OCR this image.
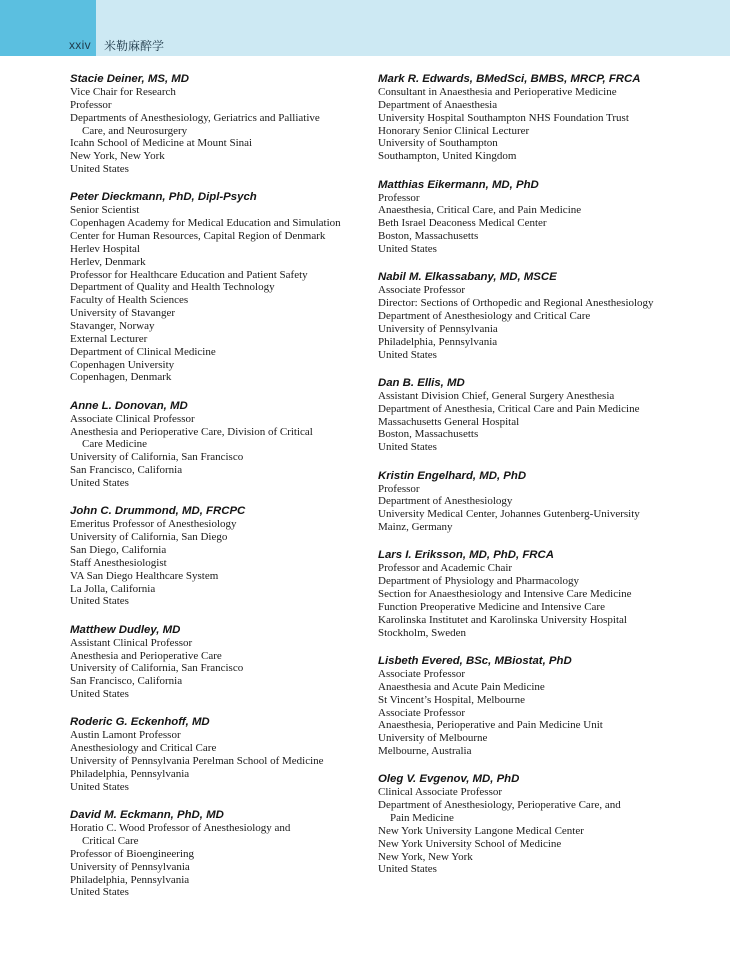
xxiv 米勒麻醉学
Stacie Deiner, MS, MD
Vice Chair for Research
Professor
Departments of Anesthesiology, Geriatrics and Palliative
Care, and Neurosurgery
Icahn School of Medicine at Mount Sinai
New York, New York
United States
Peter Dieckmann, PhD, Dipl-Psych
Senior Scientist
Copenhagen Academy for Medical Education and Simulation
Center for Human Resources, Capital Region of Denmark
Herlev Hospital
Herlev, Denmark
Professor for Healthcare Education and Patient Safety
Department of Quality and Health Technology
Faculty of Health Sciences
University of Stavanger
Stavanger, Norway
External Lecturer
Department of Clinical Medicine
Copenhagen University
Copenhagen, Denmark
Anne L. Donovan, MD
Associate Clinical Professor
Anesthesia and Perioperative Care, Division of Critical
Care Medicine
University of California, San Francisco
San Francisco, California
United States
John C. Drummond, MD, FRCPC
Emeritus Professor of Anesthesiology
University of California, San Diego
San Diego, California
Staff Anesthesiologist
VA San Diego Healthcare System
La Jolla, California
United States
Matthew Dudley, MD
Assistant Clinical Professor
Anesthesia and Perioperative Care
University of California, San Francisco
San Francisco, California
United States
Roderic G. Eckenhoff, MD
Austin Lamont Professor
Anesthesiology and Critical Care
University of Pennsylvania Perelman School of Medicine
Philadelphia, Pennsylvania
United States
David M. Eckmann, PhD, MD
Horatio C. Wood Professor of Anesthesiology and
Critical Care
Professor of Bioengineering
University of Pennsylvania
Philadelphia, Pennsylvania
United States
Mark R. Edwards, BMedSci, BMBS, MRCP, FRCA
Consultant in Anaesthesia and Perioperative Medicine
Department of Anaesthesia
University Hospital Southampton NHS Foundation Trust
Honorary Senior Clinical Lecturer
University of Southampton
Southampton, United Kingdom
Matthias Eikermann, MD, PhD
Professor
Anaesthesia, Critical Care, and Pain Medicine
Beth Israel Deaconess Medical Center
Boston, Massachusetts
United States
Nabil M. Elkassabany, MD, MSCE
Associate Professor
Director: Sections of Orthopedic and Regional Anesthesiology
Department of Anesthesiology and Critical Care
University of Pennsylvania
Philadelphia, Pennsylvania
United States
Dan B. Ellis, MD
Assistant Division Chief, General Surgery Anesthesia
Department of Anesthesia, Critical Care and Pain Medicine
Massachusetts General Hospital
Boston, Massachusetts
United States
Kristin Engelhard, MD, PhD
Professor
Department of Anesthesiology
University Medical Center, Johannes Gutenberg-University
Mainz, Germany
Lars I. Eriksson, MD, PhD, FRCA
Professor and Academic Chair
Department of Physiology and Pharmacology
Section for Anaesthesiology and Intensive Care Medicine
Function Preoperative Medicine and Intensive Care
Karolinska Institutet and Karolinska University Hospital
Stockholm, Sweden
Lisbeth Evered, BSc, MBiostat, PhD
Associate Professor
Anaesthesia and Acute Pain Medicine
St Vincent’s Hospital, Melbourne
Associate Professor
Anaesthesia, Perioperative and Pain Medicine Unit
University of Melbourne
Melbourne, Australia
Oleg V. Evgenov, MD, PhD
Clinical Associate Professor
Department of Anesthesiology, Perioperative Care, and
Pain Medicine
New York University Langone Medical Center
New York University School of Medicine
New York, New York
United States
